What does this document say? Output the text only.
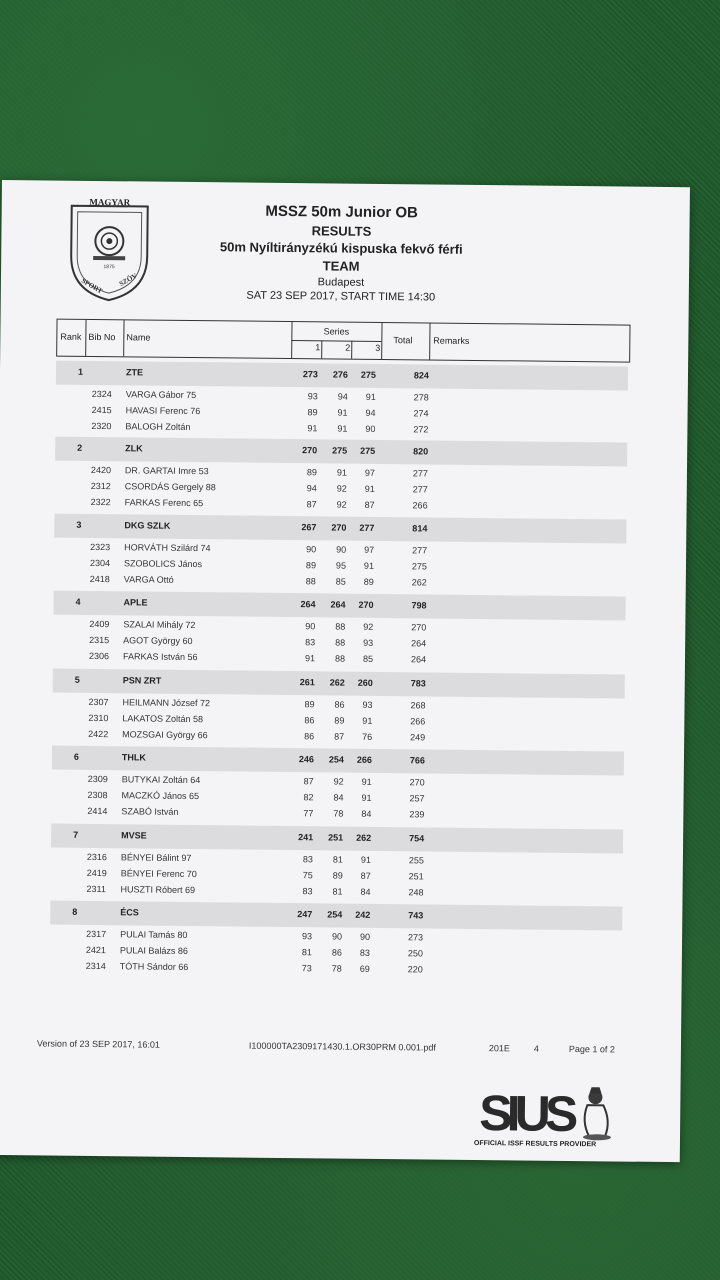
MAGYAR
1875
SPORT SZÖV
MSSZ 50m Junior OB
RESULTS
50m Nyíltirányzékú kispuska fekvő férfi
TEAM
Budapest
SAT 23 SEP 2017, START TIME 14:30
Rank Bib No Name
Series
1	2	3
Total Remarks
1	ZTE	273 276 275	824
2324 VARGA Gábor 75	93 94 91	278
2415 HAVASI Ferenc 76	89 91 94	274
2320 BALOGH Zoltán	91 91 90	272
2	ZLK	270 275 275	820
2420 DR. GARTAI Imre 53	89 91 97	277
2312 CSORDÁS Gergely 88	94 92 91	277
2322 FARKAS Ferenc 65	87 92 87	266
3	DKG SZLK	267 270 277	814
2323 HORVÁTH Szilárd 74	90 90 97	277
2304 SZOBOLICS János	89 95 91	275
2418 VARGA Ottó	88 85 89	262
4	APLE	264 264 270	798
2409 SZALAI Mihály 72	90 88 92	270
2315 AGOT György 60	83 88 93	264
2306 FARKAS István 56	91 88 85	264
5	PSN ZRT	261 262 260	783
2307 HEILMANN József 72	89 86 93	268
2310 LAKATOS Zoltán 58	86 89 91	266
2422 MOZSGAI György 66	86 87 76	249
6	THLK	246 254 266	766
2309 BUTYKAI Zoltán 64	87 92 91	270
2308 MACZKÓ János 65	82 84 91	257
2414 SZABÓ István	77 78 84	239
7	MVSE	241 251 262	754
2316 BÉNYEI Bálint 97	83 81 91	255
2419 BÉNYEI Ferenc 70	75 89 87	251
2311 HUSZTI Róbert 69	83 81 84	248
8	ÉCS	247 254 242	743
2317 PULAI Tamás 80	93 90 90	273
2421 PULAI Balázs 86	81 86 83	250
2314 TÓTH Sándor 66	73 78 69	220
Version of 23 SEP 2017, 16:01	I100000TA2309171430.1.OR30PRM 0.001.pdf	201E	4	Page 1 of 2
SIUS
OFFICIAL ISSF RESULTS PROVIDER
